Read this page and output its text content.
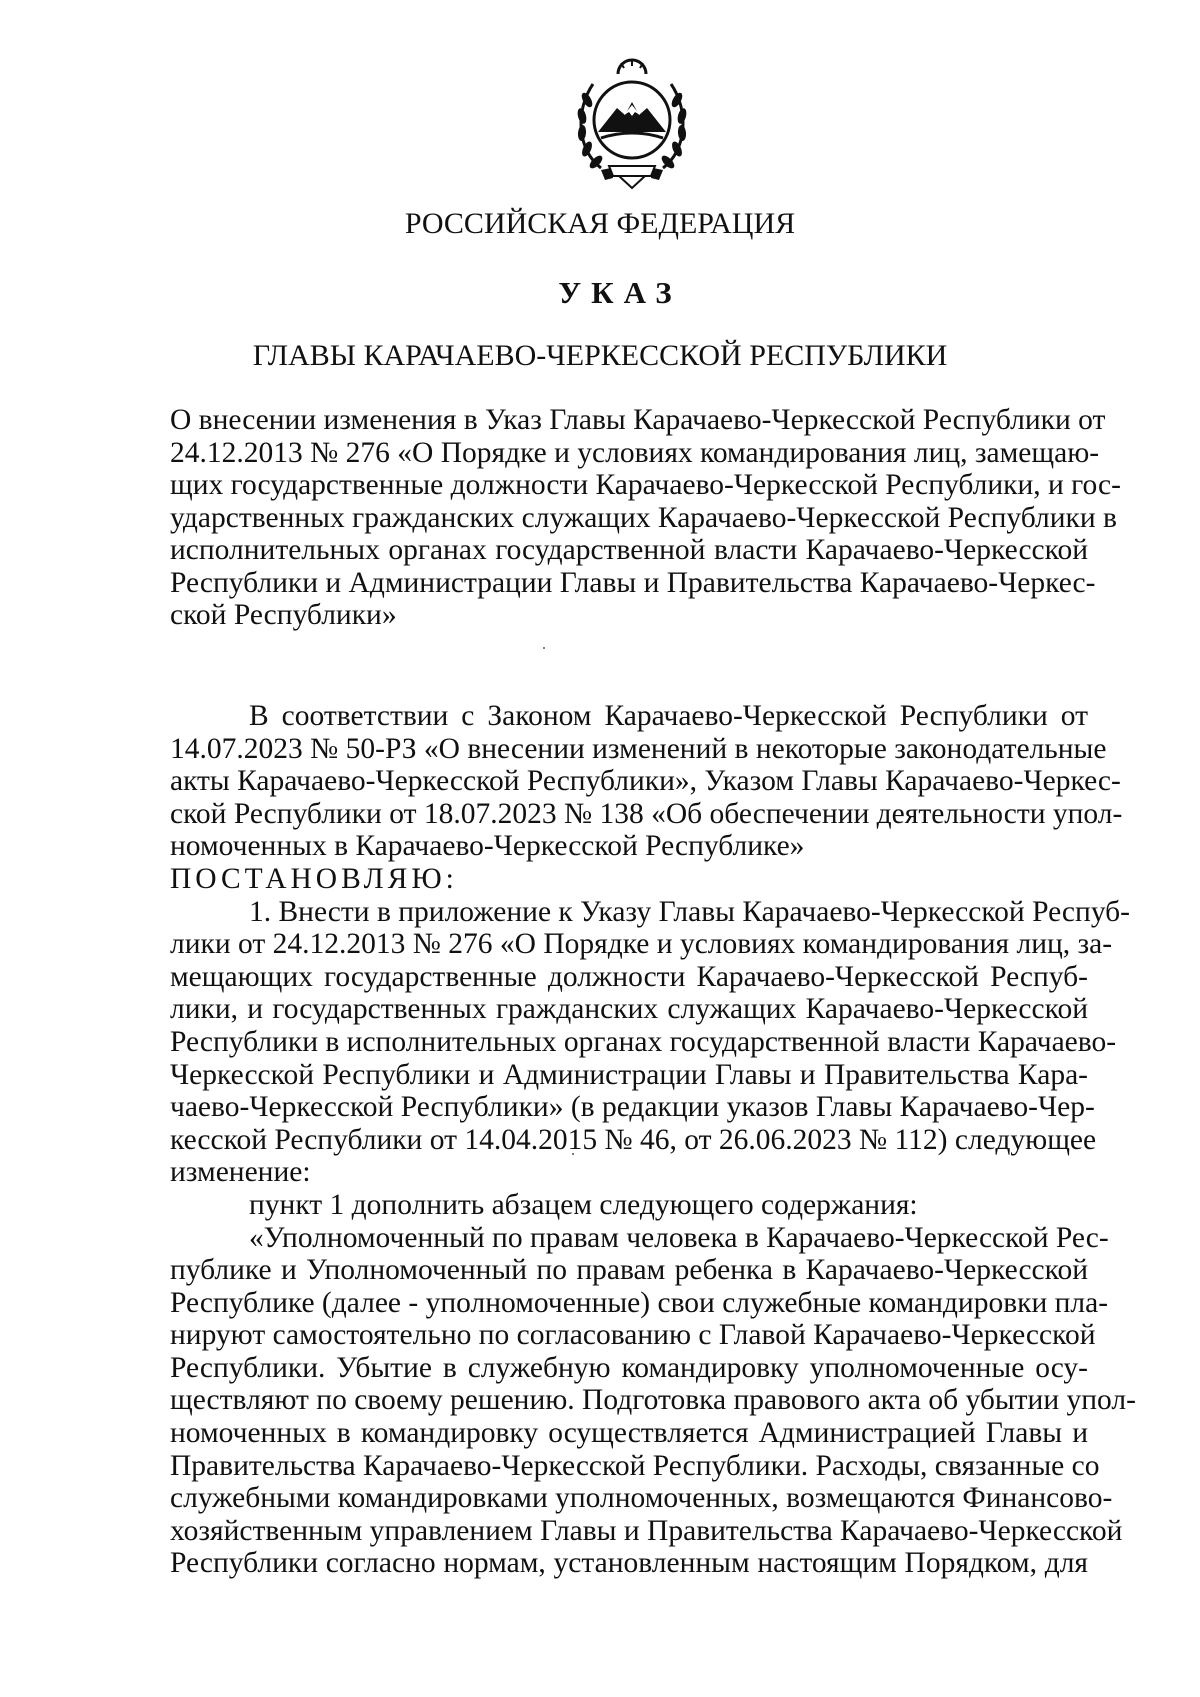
РОССИЙСКАЯ ФЕДЕРАЦИЯ
УКАЗ
ГЛАВЫ КАРАЧАЕВО-ЧЕРКЕССКОЙ РЕСПУБЛИКИ
О внесении изменения в Указ Главы Карачаево-Черкесской Республики от
24.12.2013 № 276 «О Порядке и условиях командирования лиц, замещаю-
щих государственные должности Карачаево-Черкесской Республики, и гос-
ударственных гражданских служащих Карачаево-Черкесской Республики в
исполнительных органах государственной власти Карачаево-Черкесской
Республики и Администрации Главы и Правительства Карачаево-Черкес-
ской Республики»
В соответствии с Законом Карачаево-Черкесской Республики от
14.07.2023 № 50-РЗ «О внесении изменений в некоторые законодательные
акты Карачаево-Черкесской Республики», Указом Главы Карачаево-Черкес-
ской Республики от 18.07.2023 № 138 «Об обеспечении деятельности упол-
номоченных в Карачаево-Черкесской Республике»
ПОСТАНОВЛЯЮ:
1. Внести в приложение к Указу Главы Карачаево-Черкесской Респуб-
лики от 24.12.2013 № 276 «О Порядке и условиях командирования лиц, за-
мещающих государственные должности Карачаево-Черкесской Респуб-
лики, и государственных гражданских служащих Карачаево-Черкесской
Республики в исполнительных органах государственной власти Карачаево-
Черкесской Республики и Администрации Главы и Правительства Кара-
чаево-Черкесской Республики» (в редакции указов Главы Карачаево-Чер-
кесской Республики от 14.04.2015 № 46, от 26.06.2023 № 112) следующее
изменение:
пункт 1 дополнить абзацем следующего содержания:
«Уполномоченный по правам человека в Карачаево-Черкесской Рес-
публике и Уполномоченный по правам ребенка в Карачаево-Черкесской
Республике (далее - уполномоченные) свои служебные командировки пла-
нируют самостоятельно по согласованию с Главой Карачаево-Черкесской
Республики. Убытие в служебную командировку уполномоченные осу-
ществляют по своему решению. Подготовка правового акта об убытии упол-
номоченных в командировку осуществляется Администрацией Главы и
Правительства Карачаево-Черкесской Республики. Расходы, связанные со
служебными командировками уполномоченных, возмещаются Финансово-
хозяйственным управлением Главы и Правительства Карачаево-Черкесской
Республики согласно нормам, установленным настоящим Порядком, для
